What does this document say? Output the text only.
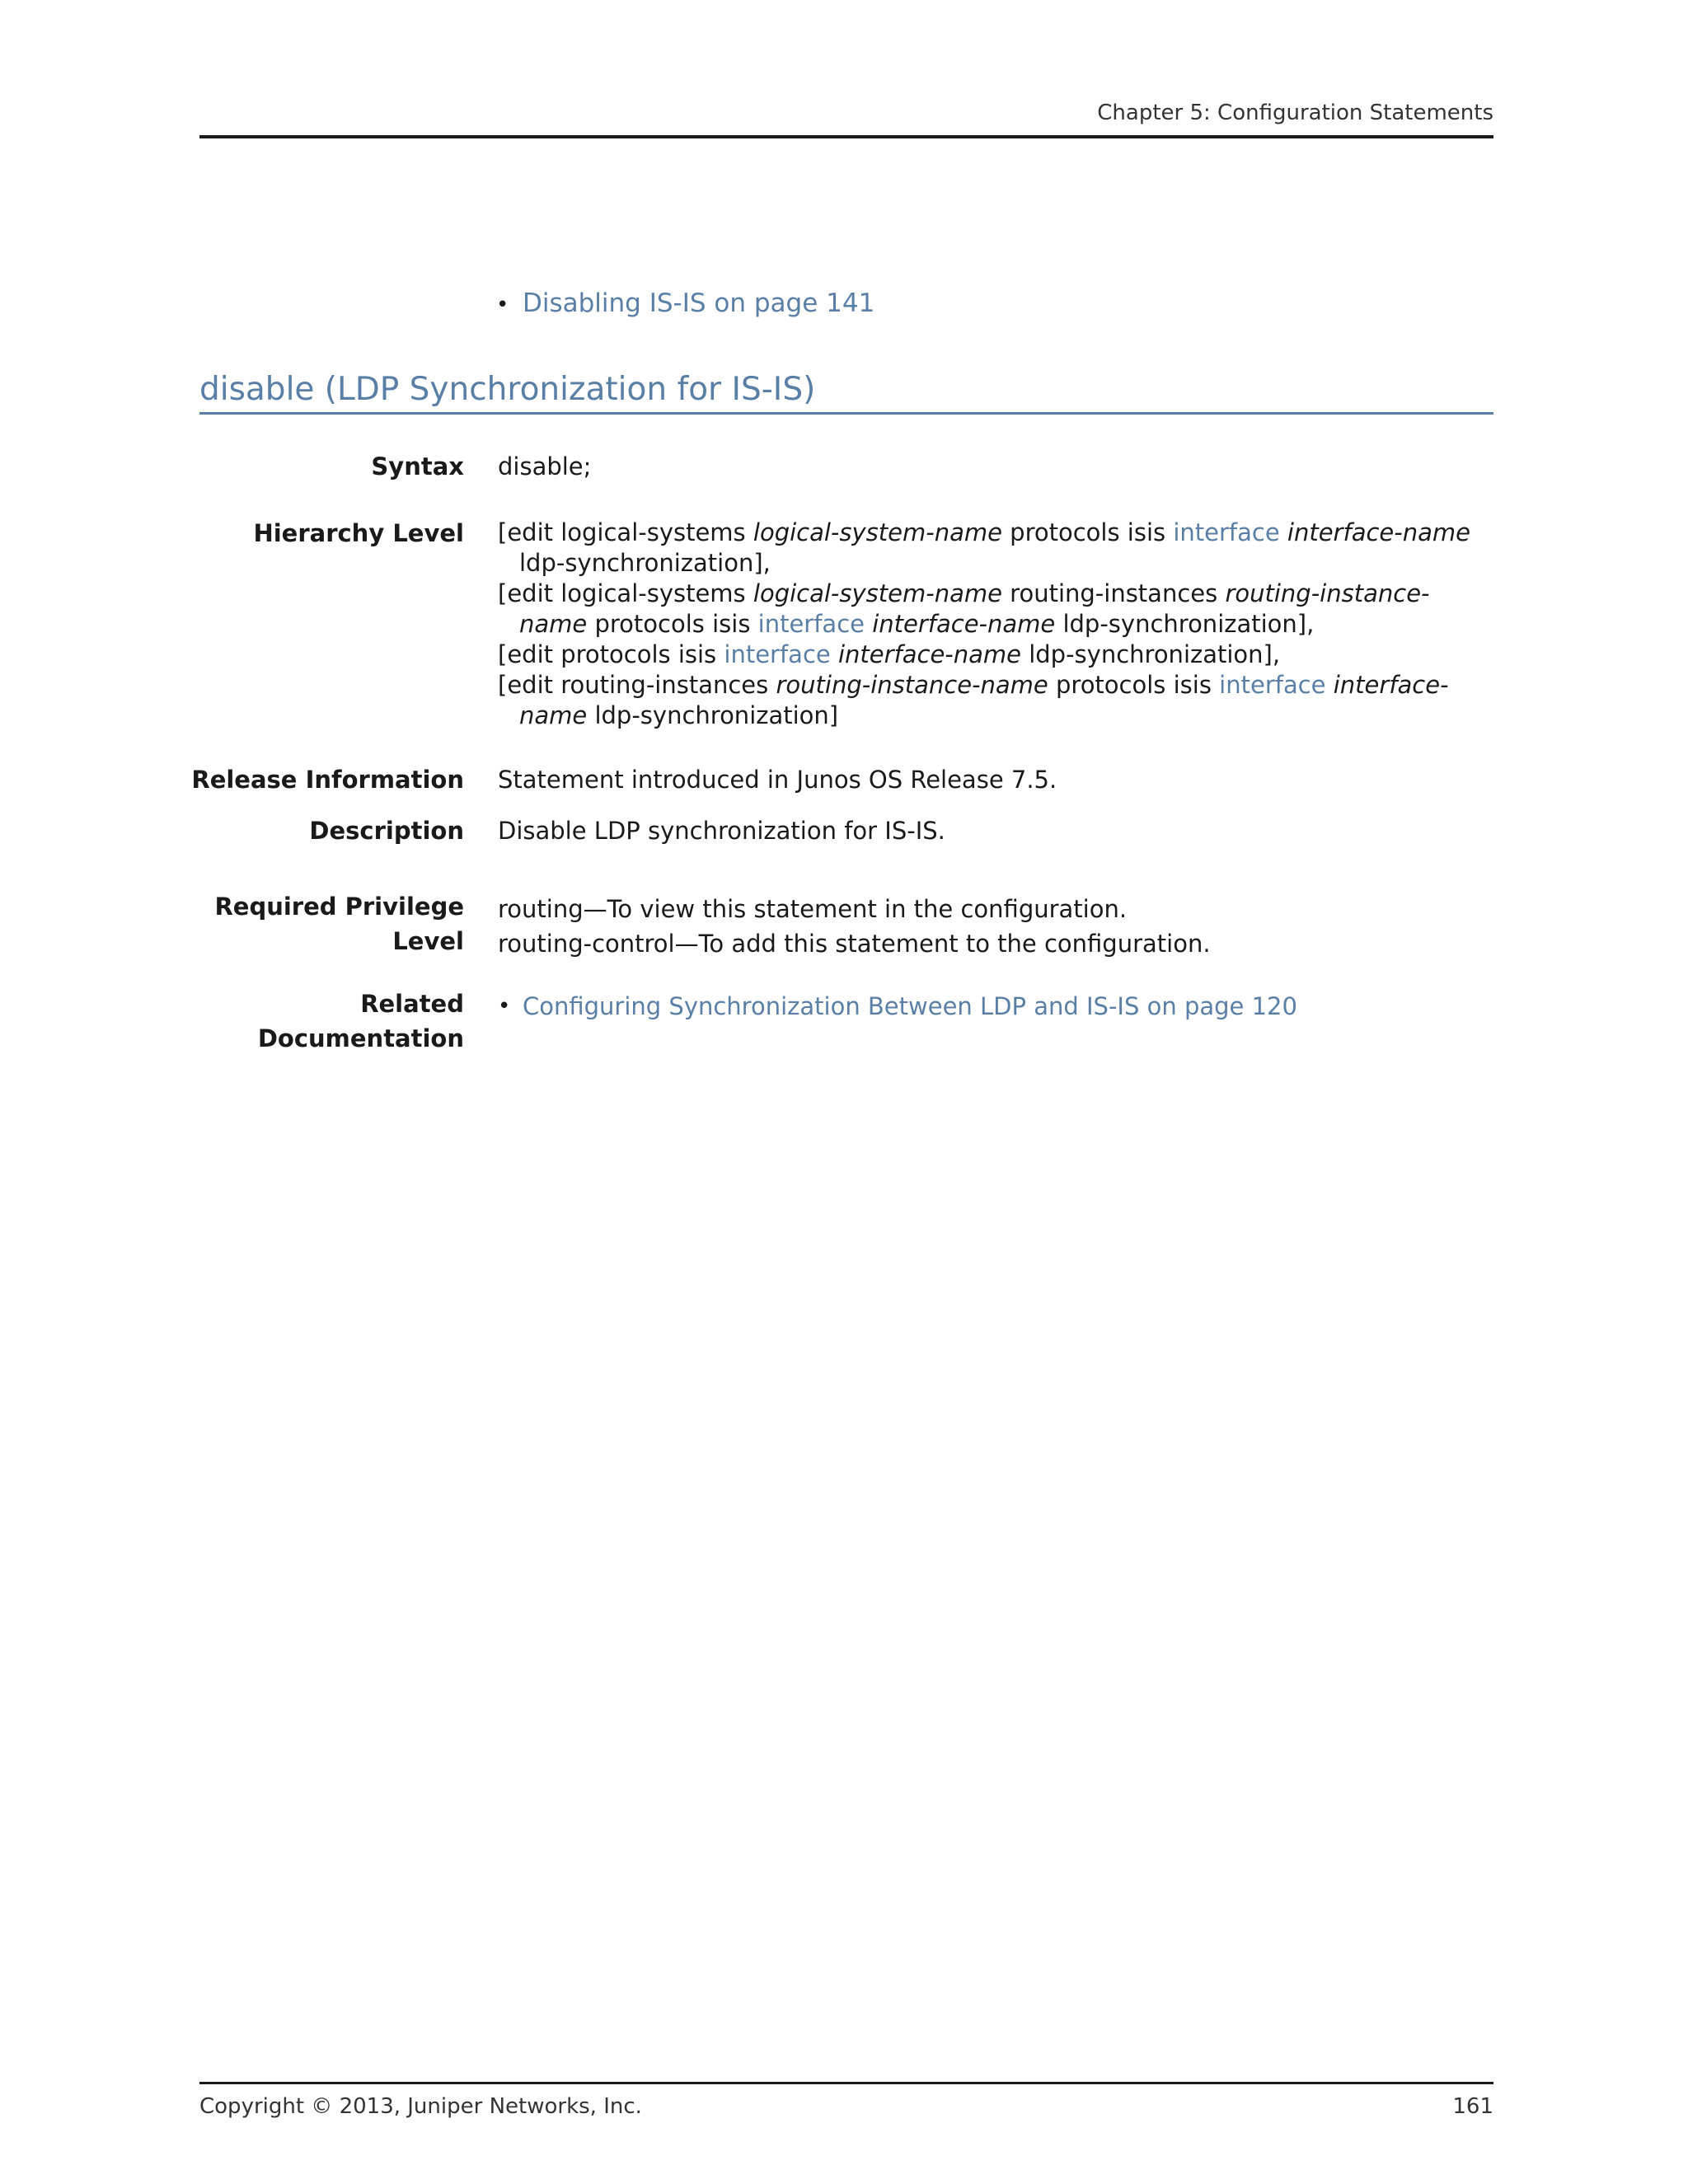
Chapter 5: Configuration Statements
• Disabling IS-IS on page 141
disable (LDP Synchronization for IS-IS)
Syntax disable;

Hierarchy Level [edit logical-systems logical-system-name protocols isis interface interface-name ldp-synchronization],

[edit logical-systems logical-system-name routing-instances routing-instance-name protocols isis interface interface-name ldp-synchronization],

[edit protocols isis interface interface-name ldp-synchronization],

[edit routing-instances routing-instance-name protocols isis interface interface-name ldp-synchronization]

Release Information Statement introduced in Junos OS Release 7.5.

Description Disable LDP synchronization for IS-IS.

Required Privilege
Level

routing—To view this statement in the configuration.

routing-control—To add this statement to the configuration.

Related
Documentation
• Configuring Synchronization Between LDP and IS-IS on page 120
Copyright © 2013, Juniper Networks, Inc.	161
